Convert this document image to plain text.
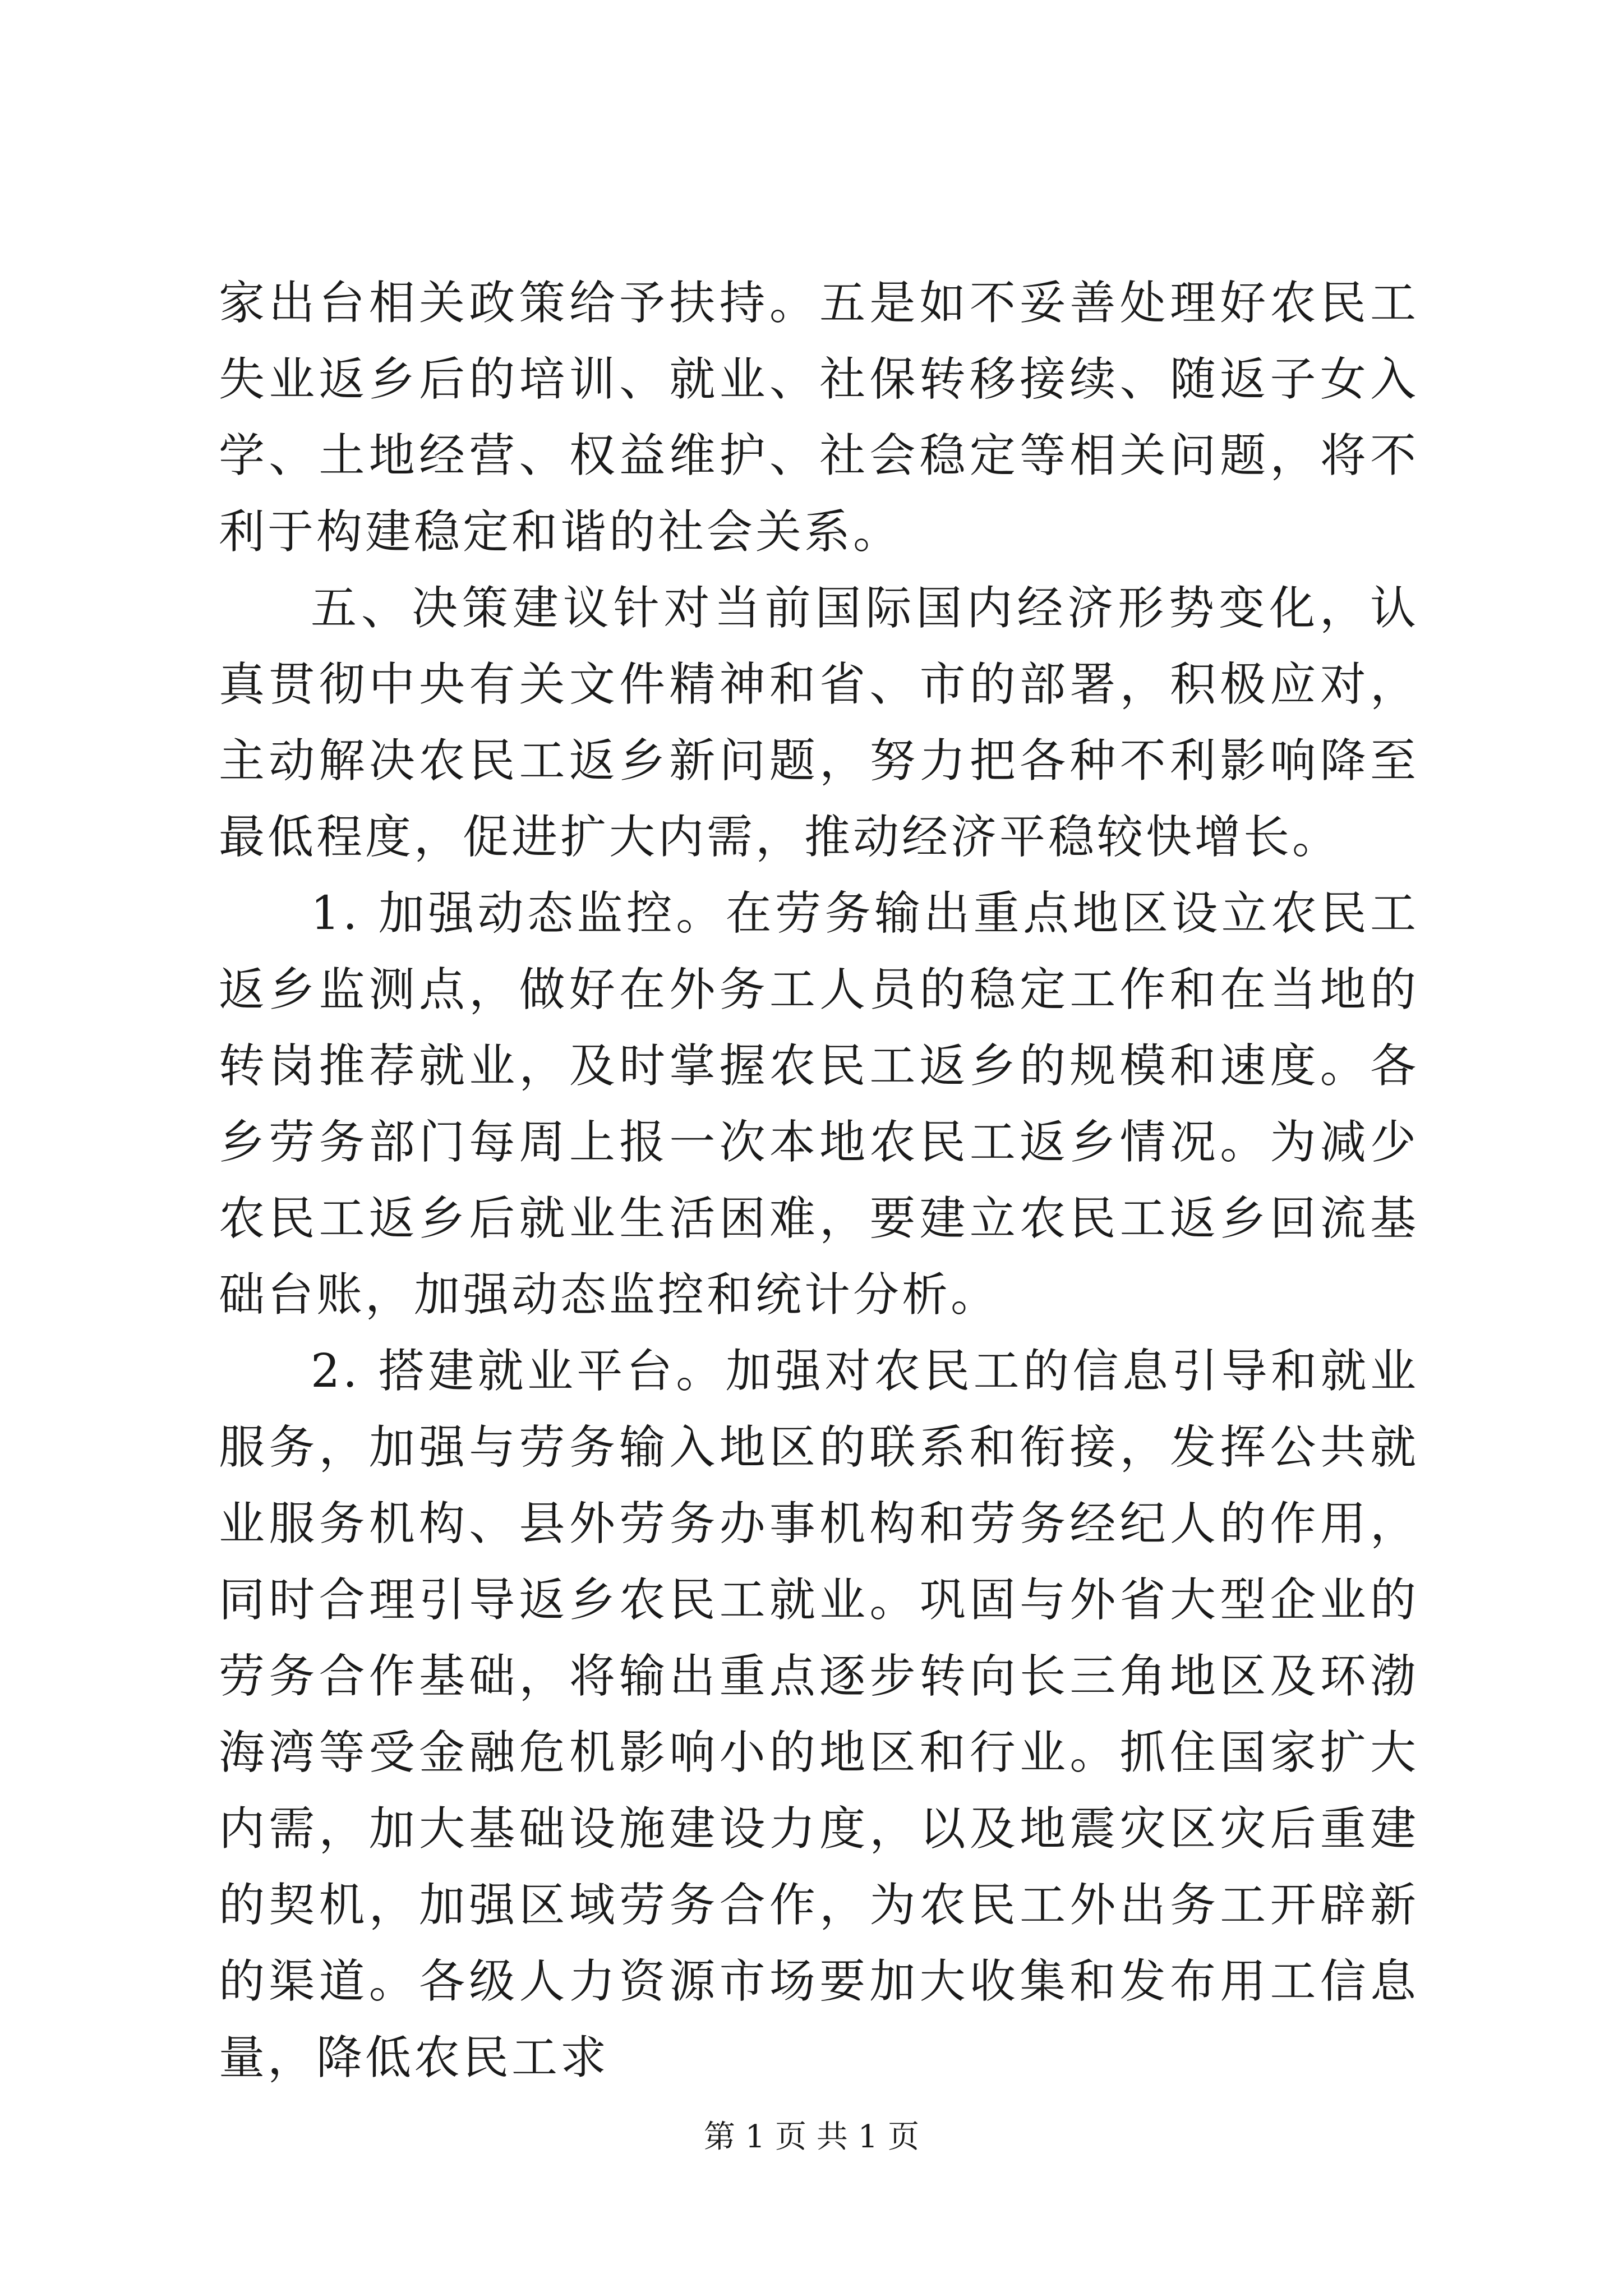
家出台相关政策给予扶持。五是如不妥善处理好农民工失业返乡后的培训、就业、社保转移接续、随返子女入学、土地经营、权益维护、社会稳定等相关问题，将不利于构建稳定和谐的社会关系。

五、决策建议针对当前国际国内经济形势变化，认真贯彻中央有关文件精神和省、市的部署，积极应对，主动解决农民工返乡新问题，努力把各种不利影响降至最低程度，促进扩大内需，推动经济平稳较快增长。

1. 加强动态监控。在劳务输出重点地区设立农民工返乡监测点，做好在外务工人员的稳定工作和在当地的转岗推荐就业，及时掌握农民工返乡的规模和速度。各乡劳务部门每周上报一次本地农民工返乡情况。为减少农民工返乡后就业生活困难，要建立农民工返乡回流基础台账，加强动态监控和统计分析。

2. 搭建就业平台。加强对农民工的信息引导和就业服务，加强与劳务输入地区的联系和衔接，发挥公共就业服务机构、县外劳务办事机构和劳务经纪人的作用，同时合理引导返乡农民工就业。巩固与外省大型企业的劳务合作基础，将输出重点逐步转向长三角地区及环渤海湾等受金融危机影响小的地区和行业。抓住国家扩大内需，加大基础设施建设力度，以及地震灾区灾后重建的契机，加强区域劳务合作，为农民工外出务工开辟新的渠道。各级人力资源市场要加大收集和发布用工信息量，降低农民工求

第 1 页 共 1 页
